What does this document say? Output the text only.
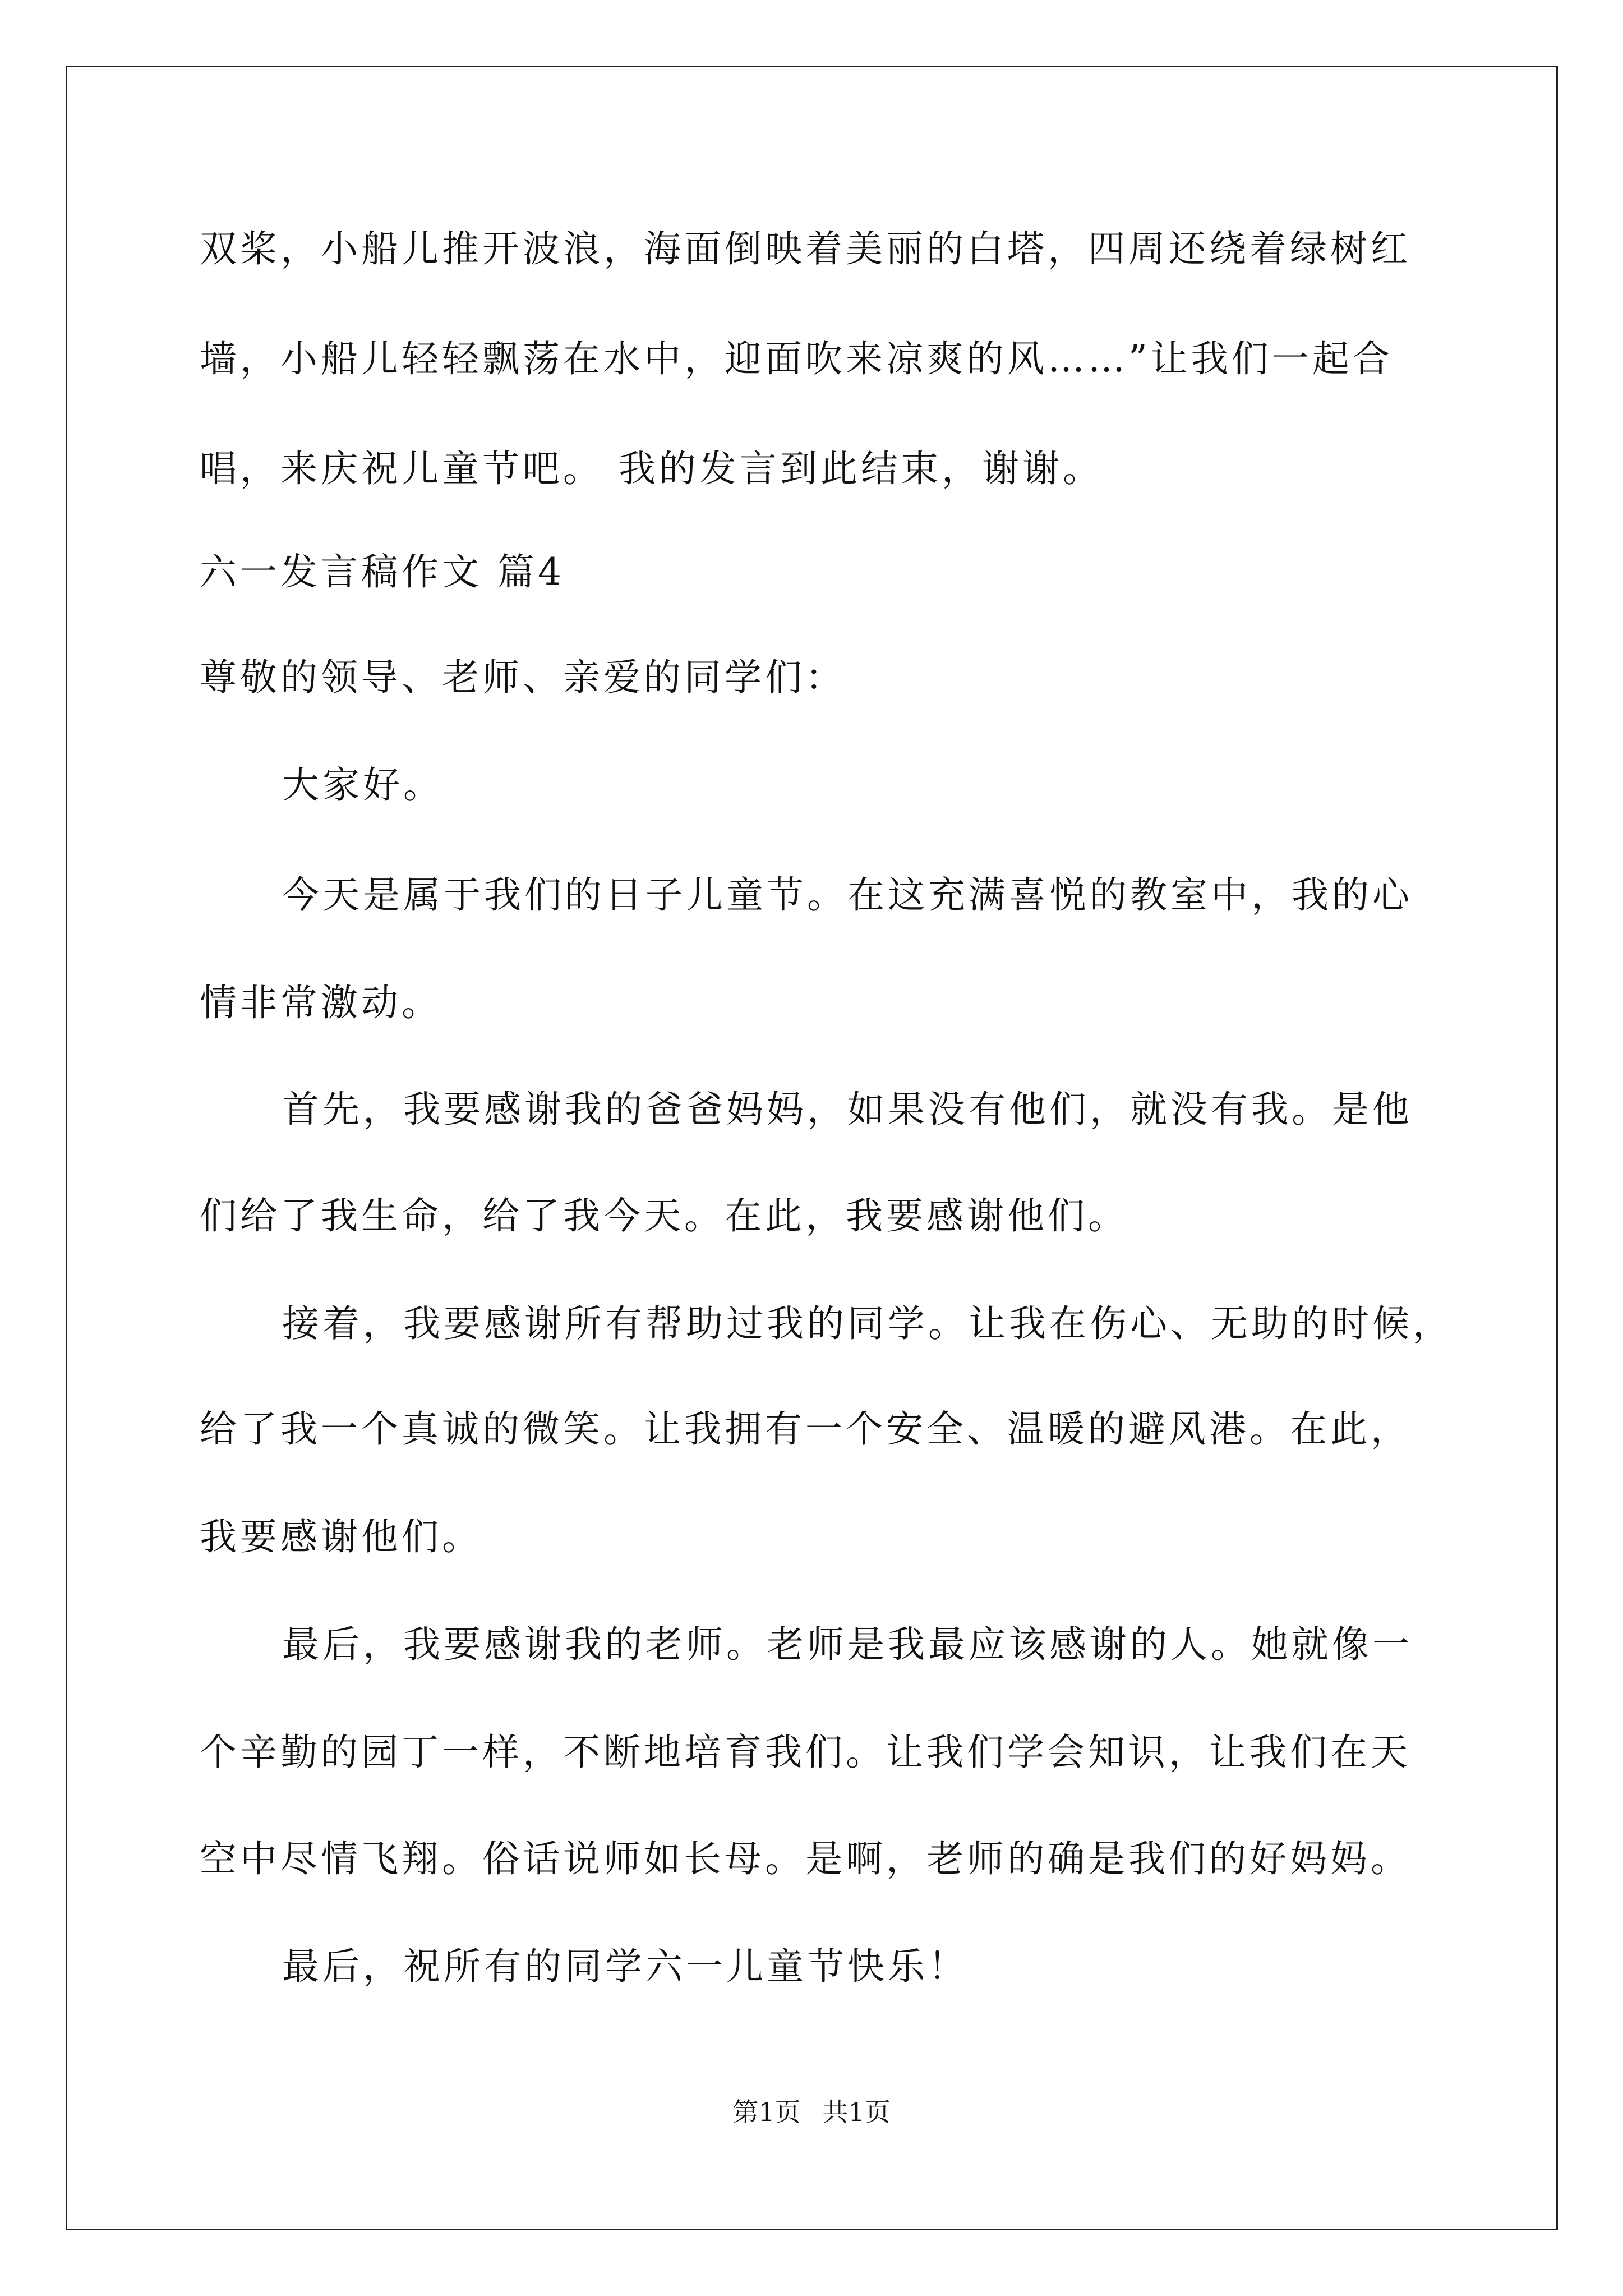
双桨，小船儿推开波浪，海面倒映着美丽的白塔，四周还绕着绿树红
墙，小船儿轻轻飘荡在水中，迎面吹来凉爽的风……”让我们一起合
唱，来庆祝儿童节吧。 我的发言到此结束，谢谢。
六一发言稿作文 篇4
尊敬的领导、老师、亲爱的同学们：
大家好。
今天是属于我们的日子儿童节。在这充满喜悦的教室中，我的心
情非常激动。
首先，我要感谢我的爸爸妈妈，如果没有他们，就没有我。是他
们给了我生命，给了我今天。在此，我要感谢他们。
接着，我要感谢所有帮助过我的同学。让我在伤心、无助的时候，
给了我一个真诚的微笑。让我拥有一个安全、温暖的避风港。在此，
我要感谢他们。
最后，我要感谢我的老师。老师是我最应该感谢的人。她就像一
个辛勤的园丁一样，不断地培育我们。让我们学会知识，让我们在天
空中尽情飞翔。俗话说师如长母。是啊，老师的确是我们的好妈妈。
最后，祝所有的同学六一儿童节快乐！
第1页 共1页
